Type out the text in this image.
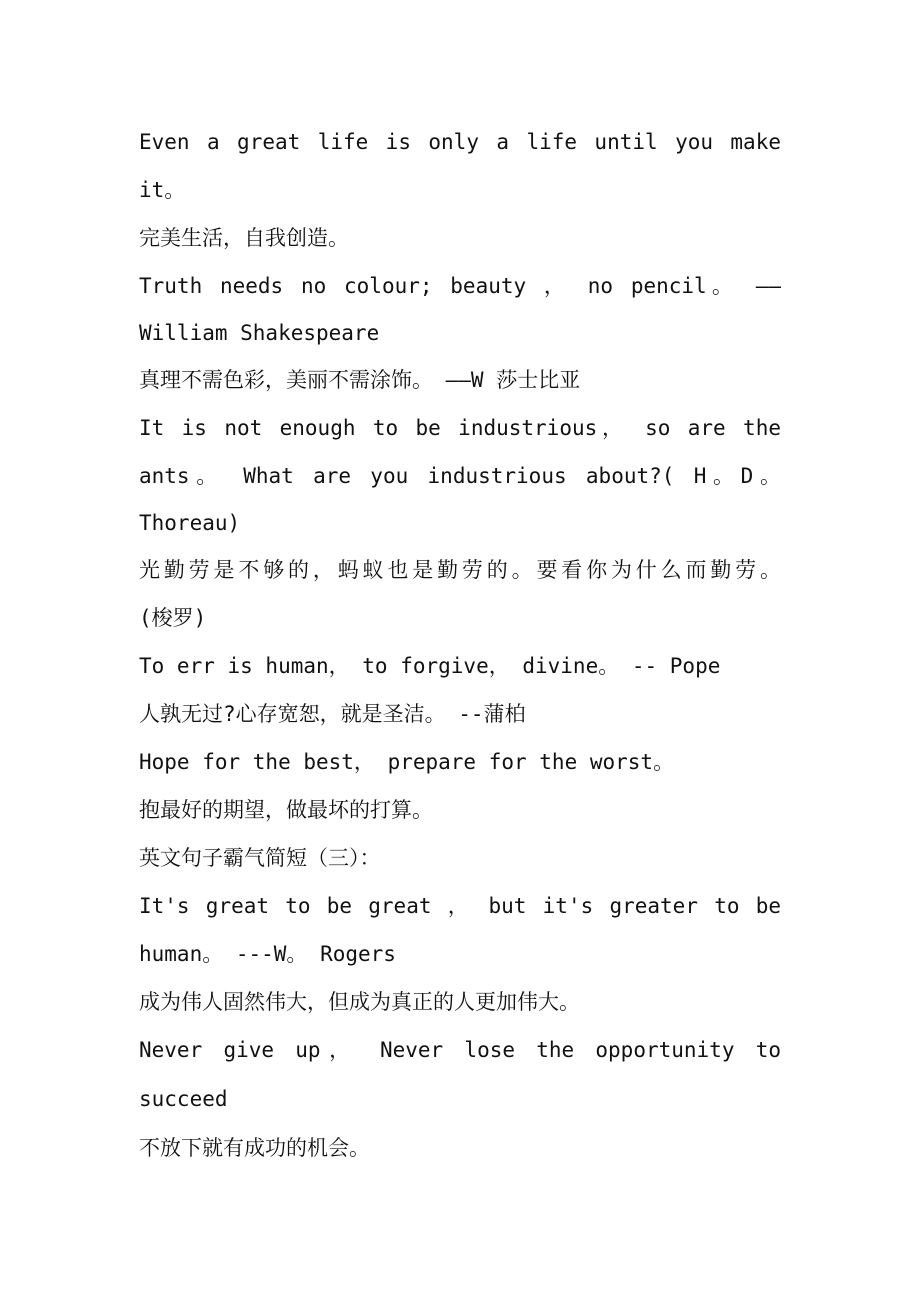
Even a great life is only a life until you make
it。
完美生活，自我创造。
Truth needs no colour; beauty ， no pencil。 ——
William Shakespeare
真理不需色彩，美丽不需涂饰。 ——W 莎士比亚
It is not enough to be industrious， so are the
ants。 What are you industrious about?( H。D。
Thoreau)
光勤劳是不够的，蚂蚁也是勤劳的。要看你为什么而勤劳。
(梭罗)
To err is human， to forgive， divine。 -- Pope
人孰无过?心存宽恕，就是圣洁。 --蒲柏
Hope for the best， prepare for the worst。
抱最好的期望，做最坏的打算。
英文句子霸气简短（三）：
It's great to be great ， but it's greater to be
human。 ---W。 Rogers
成为伟人固然伟大，但成为真正的人更加伟大。
Never give up， Never lose the opportunity to
succeed
不放下就有成功的机会。
